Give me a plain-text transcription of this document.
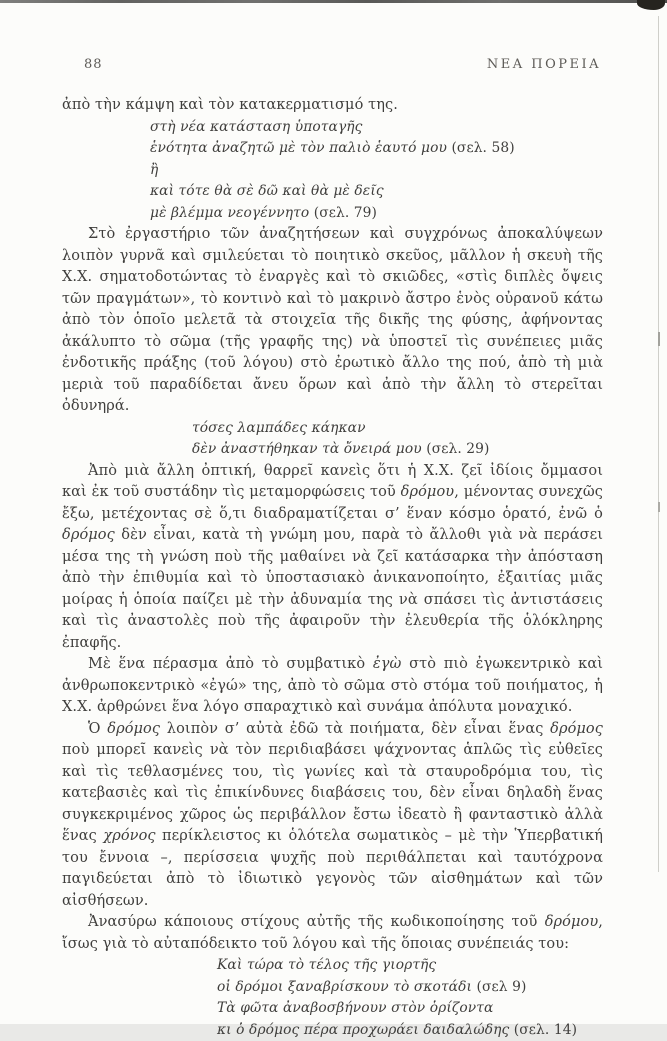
88	ΝΕΑ ΠΟΡΕΙΑ

ἀπὸ τὴν κάμψη καὶ τὸν κατακερματισμό της.

στὴ νέα κατάσταση ὑποταγῆς
ἑνότητα ἀναζητῶ μὲ τὸν παλιὸ ἑαυτό μου (σελ. 58)
ἢ
καὶ τότε θὰ σὲ δῶ καὶ θὰ μὲ δεῖς
μὲ βλέμμα νεογέννητο (σελ. 79)

Στὸ ἐργαστήριο τῶν ἀναζητήσεων καὶ συγχρόνως ἀποκαλύψεων λοιπὸν γυρνᾶ καὶ σμιλεύεται τὸ ποιητικὸ σκεῦος, μᾶλλον ἡ σκευὴ τῆς Χ.Χ. σηματοδοτώντας τὸ ἐναργὲς καὶ τὸ σκιῶδες, «στὶς διπλὲς ὄψεις τῶν πραγμάτων», τὸ κοντινὸ καὶ τὸ μακρινὸ ἄστρο ἑνὸς οὐρανοῦ κάτω ἀπὸ τὸν ὁποῖο μελετᾶ τὰ στοιχεῖα τῆς δικῆς της φύσης, ἀφήνοντας ἀκάλυπτο τὸ σῶμα (τῆς γραφῆς της) νὰ ὑποστεῖ τὶς συνέπειες μιᾶς ἐνδοτικῆς πράξης (τοῦ λόγου) στὸ ἐρωτικὸ ἄλλο της πού, ἀπὸ τὴ μιὰ μεριὰ τοῦ παραδίδεται ἄνευ ὅρων καὶ ἀπὸ τὴν ἄλλη τὸ στερεῖται ὀδυνηρά.

τόσες λαμπάδες κάηκαν
δὲν ἀναστήθηκαν τὰ ὄνειρά μου (σελ. 29)

Ἀπὸ μιὰ ἄλλη ὀπτική, θαρρεῖ κανεὶς ὅτι ἡ Χ.Χ. ζεῖ ἰδίοις ὄμμασοι καὶ ἐκ τοῦ συστάδην τὶς μεταμορφώσεις τοῦ δρόμου, μένοντας συνεχῶς ἔξω, μετέχοντας σὲ ὅ,τι διαδραματίζεται σ’ ἕναν κόσμο ὁρατό, ἐνῶ ὁ δρόμος δὲν εἶναι, κατὰ τὴ γνώμη μου, παρὰ τὸ ἄλλοθι γιὰ νὰ περάσει μέσα της τὴ γνώση ποὺ τῆς μαθαίνει νὰ ζεῖ κατάσαρκα τὴν ἀπόσταση ἀπὸ τὴν ἐπιθυμία καὶ τὸ ὑποστασιακὸ ἀνικανοποίητο, ἐξαιτίας μιᾶς μοίρας ἡ ὁποία παίζει μὲ τὴν ἀδυναμία της νὰ σπάσει τὶς ἀντιστάσεις καὶ τὶς ἀναστολὲς ποὺ τῆς ἀφαιροῦν τὴν ἐλευθερία τῆς ὁλόκληρης ἐπαφῆς.

Μὲ ἕνα πέρασμα ἀπὸ τὸ συμβατικὸ ἐγὼ στὸ πιὸ ἐγωκεντρικὸ καὶ ἀνθρωποκεντρικὸ «ἐγώ» της, ἀπὸ τὸ σῶμα στὸ στόμα τοῦ ποιήματος, ἡ Χ.Χ. ἀρθρώνει ἕνα λόγο σπαραχτικὸ καὶ συνάμα ἀπόλυτα μοναχικό.

Ὁ δρόμος λοιπὸν σ’ αὐτὰ ἐδῶ τὰ ποιήματα, δὲν εἶναι ἕνας δρόμος ποὺ μπορεῖ κανεὶς νὰ τὸν περιδιαβάσει ψάχνοντας ἁπλῶς τὶς εὐθεῖες καὶ τὶς τεθλασμένες του, τὶς γωνίες καὶ τὰ σταυροδρόμια του, τὶς κατεβασιὲς καὶ τὶς ἐπικίνδυνες διαβάσεις του, δὲν εἶναι δηλαδὴ ἕνας συγκεκριμένος χῶρος ὡς περιβάλλον ἔστω ἰδεατὸ ἢ φανταστικὸ ἀλλὰ ἕνας χρόνος περίκλειστος κι ὁλότελα σωματικὸς – μὲ τὴν Ὑπερβατική του ἔννοια –, περίσσεια ψυχῆς ποὺ περιθάλπεται καὶ ταυτόχρονα παγιδεύεται ἀπὸ τὸ ἰδιωτικὸ γεγονὸς τῶν αἰσθημάτων καὶ τῶν αἰσθήσεων.

Ἀνασύρω κάποιους στίχους αὐτῆς τῆς κωδικοποίησης τοῦ δρόμου, ἴσως γιὰ τὸ αὐταπόδεικτο τοῦ λόγου καὶ τῆς ὅποιας συνέπειάς του:

Καὶ τώρα τὸ τέλος τῆς γιορτῆς
οἱ δρόμοι ξαναβρίσκουν τὸ σκοτάδι (σελ 9)
Τὰ φῶτα ἀναβοσβήνουν στὸν ὁρίζοντα
κι ὁ δρόμος πέρα προχωράει δαιδαλώδης (σελ. 14)
